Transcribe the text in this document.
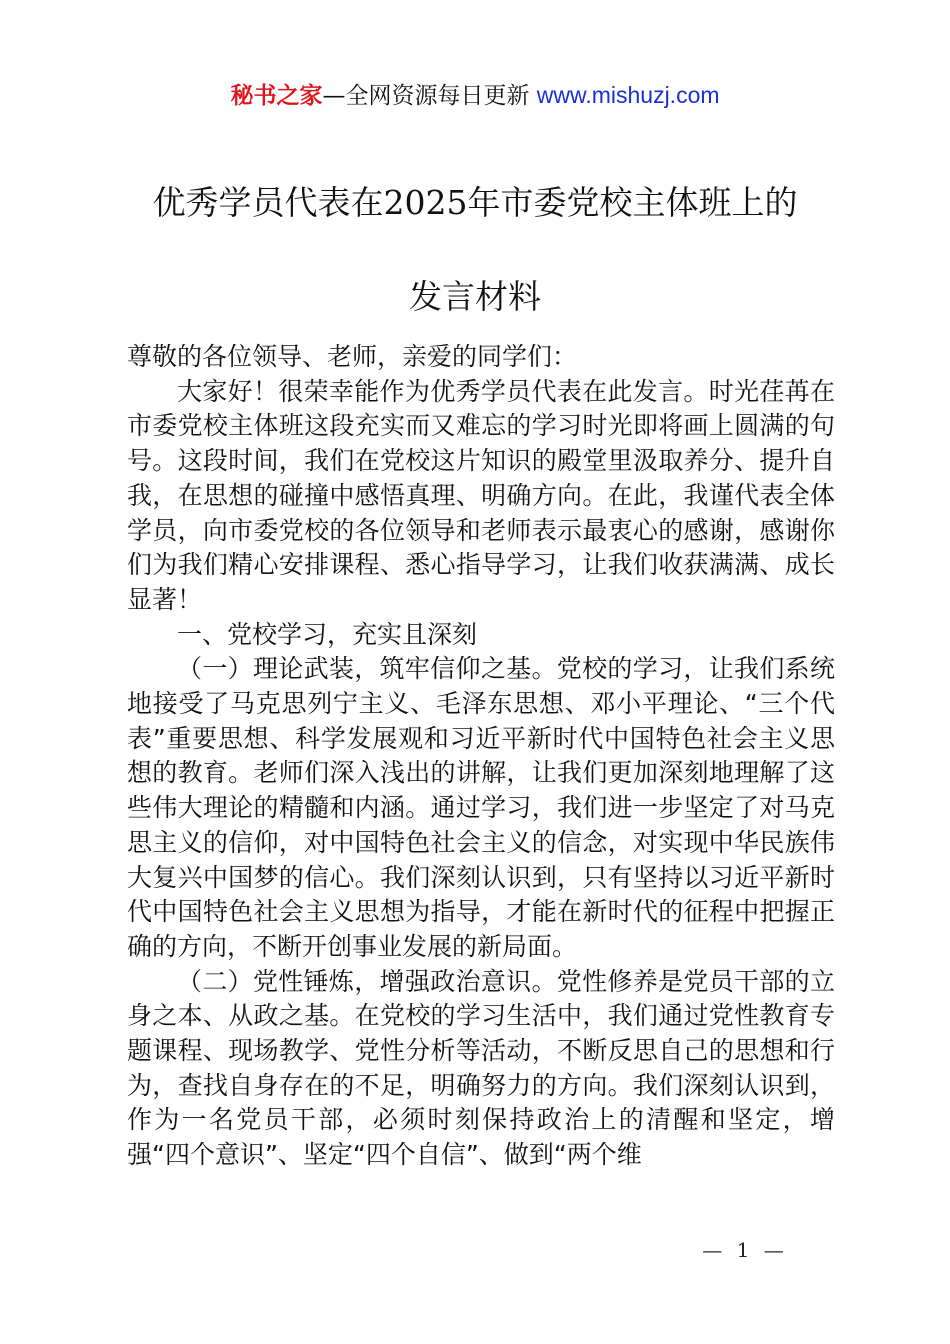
秘书之家—全网资源每日更新 www.mishuzj.com
优秀学员代表在2025年市委党校主体班上的
发言材料

尊敬的各位领导、老师，亲爱的同学们：

大家好！很荣幸能作为优秀学员代表在此发言。时光荏苒在市委党校主体班这段充实而又难忘的学习时光即将画上圆满的句号。这段时间，我们在党校这片知识的殿堂里汲取养分、提升自我，在思想的碰撞中感悟真理、明确方向。在此，我谨代表全体学员，向市委党校的各位领导和老师表示最衷心的感谢，感谢你们为我们精心安排课程、悉心指导学习，让我们收获满满、成长显著！

一、党校学习，充实且深刻

（一）理论武装，筑牢信仰之基。党校的学习，让我们系统地接受了马克思列宁主义、毛泽东思想、邓小平理论、“三个代表”重要思想、科学发展观和习近平新时代中国特色社会主义思想的教育。老师们深入浅出的讲解，让我们更加深刻地理解了这些伟大理论的精髓和内涵。通过学习，我们进一步坚定了对马克思主义的信仰，对中国特色社会主义的信念，对实现中华民族伟大复兴中国梦的信心。我们深刻认识到，只有坚持以习近平新时代中国特色社会主义思想为指导，才能在新时代的征程中把握正确的方向，不断开创事业发展的新局面。

（二）党性锤炼，增强政治意识。党性修养是党员干部的立身之本、从政之基。在党校的学习生活中，我们通过党性教育专题课程、现场教学、党性分析等活动，不断反思自己的思想和行为，查找自身存在的不足，明确努力的方向。我们深刻认识到，作为一名党员干部，必须时刻保持政治上的清醒和坚定，增强“四个意识”、坚定“四个自信”、做到“两个维

— 1 —
